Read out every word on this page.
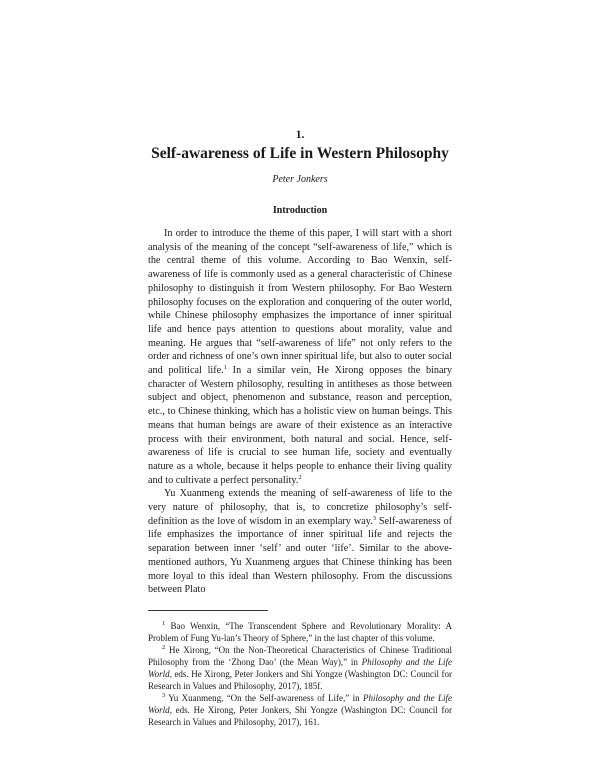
1.
Self-awareness of Life in Western Philosophy
Peter Jonkers
Introduction

In order to introduce the theme of this paper, I will start with a short analysis of the meaning of the concept “self-awareness of life,” which is the central theme of this volume. According to Bao Wenxin, self-awareness of life is commonly used as a general characteristic of Chinese philosophy to distinguish it from Western philosophy. For Bao Western philosophy focuses on the exploration and conquering of the outer world, while Chinese philosophy emphasizes the importance of inner spiritual life and hence pays attention to questions about morality, value and meaning. He argues that “self-awareness of life” not only refers to the order and richness of one’s own inner spiritual life, but also to outer social and political life.$^1$ In a similar vein, He Xirong opposes the binary character of Western philosophy, resulting in antitheses as those between subject and object, phenomenon and substance, reason and perception, etc., to Chinese thinking, which has a holistic view on human beings. This means that human beings are aware of their existence as an interactive process with their environment, both natural and social. Hence, self-awareness of life is crucial to see human life, society and eventually nature as a whole, because it helps people to enhance their living quality and to cultivate a perfect personality.$^2$

Yu Xuanmeng extends the meaning of self-awareness of life to the very nature of philosophy, that is, to concretize philosophy’s self-definition as the love of wisdom in an exemplary way.$^3$ Self-awareness of life emphasizes the importance of inner spiritual life and rejects the separation between inner ‘self’ and outer ‘life’. Similar to the above-mentioned authors, Yu Xuanmeng argues that Chinese thinking has been more loyal to this ideal than Western philosophy. From the discussions between Plato

$^1$ Bao Wenxin, “The Transcendent Sphere and Revolutionary Morality: A Problem of Fung Yu-lan’s Theory of Sphere,” in the last chapter of this volume.

$^2$ He Xirong, “On the Non-Theoretical Characteristics of Chinese Traditional Philosophy from the ‘Zhong Dao’ (the Mean Way),” in Philosophy and the Life World, eds. He Xirong, Peter Jonkers and Shi Yongze (Washington DC: Council for Research in Values and Philosophy, 2017), 185f.

$^3$ Yu Xuanmeng, “On the Self-awareness of Life,” in Philosophy and the Life World, eds. He Xirong, Peter Jonkers, Shi Yongze (Washington DC: Council for Research in Values and Philosophy, 2017), 161.
